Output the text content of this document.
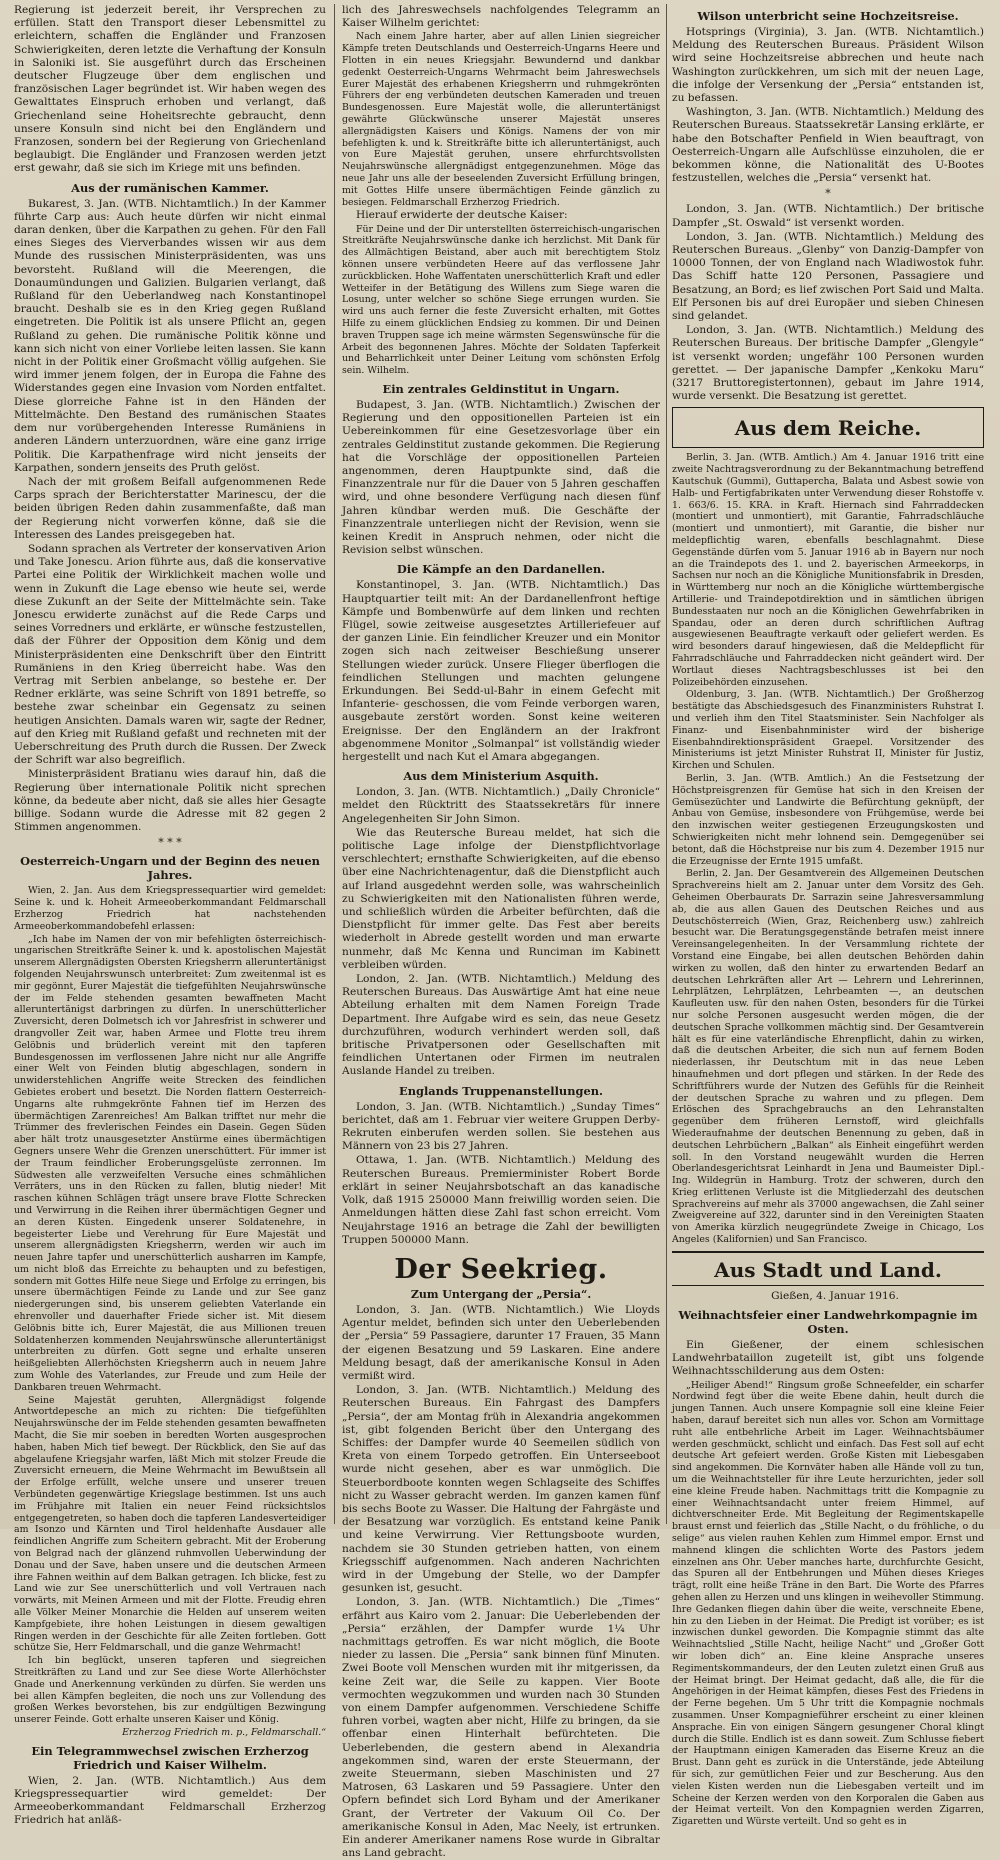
Regierung ist jederzeit bereit, ihr Versprechen zu erfüllen. Statt den Transport dieser Lebensmittel zu erleichtern, schaffen die Engländer und Franzosen Schwierigkeiten, deren letzte die Verhaftung der Konsuln in Saloniki ist. Sie ausgeführt durch das Erscheinen deutscher Flugzeuge über dem englischen und französischen Lager begründet ist. Wir haben wegen des Gewalttates Einspruch erhoben und verlangt, daß Griechenland seine Hoheitsrechte gebraucht, denn unsere Konsuln sind nicht bei den Engländern und Franzosen, sondern bei der Regierung von Griechenland beglaubigt. Die Engländer und Franzosen werden jetzt erst gewahr, daß sie sich im Kriege mit uns befinden.

Aus der rumänischen Kammer.

Bukarest, 3. Jan. (WTB. Nichtamtlich.) In der Kammer führte Carp aus: Auch heute dürfen wir nicht einmal daran denken, über die Karpathen zu gehen. Für den Fall eines Sieges des Vierverbandes wissen wir aus dem Munde des russischen Ministerpräsidenten, was uns bevorsteht. Rußland will die Meerengen, die Donaumündungen und Galizien. Bulgarien verlangt, daß Rußland für den Ueberlandweg nach Konstantinopel braucht. Deshalb sie es in den Krieg gegen Rußland eingetreten. Die Politik ist als unsere Pflicht an, gegen Rußland zu gehen. Die rumänische Politik könne und kann sich nicht von einer Vorliebe leiten lassen. Sie kann nicht in der Politik einer Großmacht völlig aufgehen. Sie wird immer jenem folgen, der in Europa die Fahne des Widerstandes gegen eine Invasion vom Norden entfaltet. Diese glorreiche Fahne ist in den Händen der Mittelmächte. Den Bestand des rumänischen Staates dem nur vorübergehenden Interesse Rumäniens in anderen Ländern unterzuordnen, wäre eine ganz irrige Politik. Die Karpathenfrage wird nicht jenseits der Karpathen, sondern jenseits des Pruth gelöst.

Nach der mit großem Beifall aufgenommenen Rede Carps sprach der Berichterstatter Marinescu, der die beiden übrigen Reden dahin zusammenfaßte, daß man der Regierung nicht vorwerfen könne, daß sie die Interessen des Landes preisgegeben hat.

Sodann sprachen als Vertreter der konservativen Arion und Take Jonescu. Arion führte aus, daß die konservative Partei eine Politik der Wirklichkeit machen wolle und wenn in Zukunft die Lage ebenso wie heute sei, werde diese Zukunft an der Seite der Mittelmächte sein. Take Jonescu erwiderte zunächst auf die Rede Carps und seines Vorredners und erklärte, er wünsche festzustellen, daß der Führer der Opposition dem König und dem Ministerpräsidenten eine Denkschrift über den Eintritt Rumäniens in den Krieg überreicht habe. Was den Vertrag mit Serbien anbelange, so bestehe er. Der Redner erklärte, was seine Schrift von 1891 betreffe, so bestehe zwar scheinbar ein Gegensatz zu seinen heutigen Ansichten. Damals waren wir, sagte der Redner, auf den Krieg mit Rußland gefaßt und rechneten mit der Ueberschreitung des Pruth durch die Russen. Der Zweck der Schrift war also begreiflich.

Ministerpräsident Bratianu wies darauf hin, daß die Regierung über internationale Politik nicht sprechen könne, da bedeute aber nicht, daß sie alles hier Gesagte billige. Sodann wurde die Adresse mit 82 gegen 2 Stimmen angenommen.

* * *
Oesterreich-Ungarn und der Beginn des neuen Jahres.

Wien, 2. Jan. Aus dem Kriegspressequartier wird gemeldet: Seine k. und k. Hoheit Armeeoberkommandant Feldmarschall Erzherzog Friedrich hat nachstehenden Armeeoberkommandobefehl erlassen:

„Ich habe im Namen der von mir befehligten österreichisch-ungarischen Streitkräfte Seiner k. und k. apostolischen Majestät unserem Allergnädigsten Obersten Kriegsherrn alleruntertänigst folgenden Neujahrswunsch unterbreitet: Zum zweitenmal ist es mir gegönnt, Eurer Majestät die tiefgefühlten Neujahrswünsche der im Felde stehenden gesamten bewaffneten Macht alleruntertänigst darbringen zu dürfen. In unerschütterlicher Zuversicht, deren Dolmetsch ich vor Jahresfrist in schwerer und drangvoller Zeit war, haben Armee und Flotte treu ihrem Gelöbnis und brüderlich vereint mit den tapferen Bundesgenossen im verflossenen Jahre nicht nur alle Angriffe einer Welt von Feinden blutig abgeschlagen, sondern in unwiderstehlichen Angriffe weite Strecken des feindlichen Gebietes erobert und besetzt. Die Norden flattern Oesterreich-Ungarns alte ruhmgekrönte Fahnen tief im Herzen des übermächtigen Zarenreiches! Am Balkan trifftet nur mehr die Trümmer des frevlerischen Feindes ein Dasein. Gegen Süden aber hält trotz unausgesetzter Anstürme eines übermächtigen Gegners unsere Wehr die Grenzen unerschüttert. Für immer ist der Traum feindlicher Eroberungsgelüste zerronnen. Im Südwesten alle verzweifelten Versuche eines schmählichen Verräters, uns in den Rücken zu fallen, blutig nieder! Mit raschen kühnen Schlägen trägt unsere brave Flotte Schrecken und Verwirrung in die Reihen ihrer übermächtigen Gegner und an deren Küsten. Eingedenk unserer Soldatenehre, in begeisterter Liebe und Verehrung für Eure Majestät und unserem allergnädigsten Kriegsherrn, werden wir auch im neuen Jahre tapfer und unerschütterlich ausharren im Kampfe, um nicht bloß das Erreichte zu behaupten und zu befestigen, sondern mit Gottes Hilfe neue Siege und Erfolge zu erringen, bis unsere übermächtigen Feinde zu Lande und zur See ganz niedergerungen sind, bis unserem geliebten Vaterlande ein ehrenvoller und dauerhafter Friede sicher ist. Mit diesem Gelöbnis bitte ich, Eurer Majestät, die aus Millionen treuen Soldatenherzen kommenden Neujahrswünsche alleruntertänigst unterbreiten zu dürfen. Gott segne und erhalte unseren heißgeliebten Allerhöchsten Kriegsherrn auch in neuem Jahre zum Wohle des Vaterlandes, zur Freude und zum Heile der Dankbaren treuen Wehrmacht.

Seine Majestät geruhten, Allergnädigst folgende Antwortdepesche an mich zu richten: Die tiefgefühlten Neujahrswünsche der im Felde stehenden gesamten bewaffneten Macht, die Sie mir soeben in beredten Worten ausgesprochen haben, haben Mich tief bewegt. Der Rückblick, den Sie auf das abgelaufene Kriegsjahr warfen, läßt Mich mit stolzer Freude die Zuversicht erneuern, die Meine Wehrmacht im Bewußtsein all der Erfolge erfüllt, welche unsere und unserer treuen Verbündeten gegenwärtige Kriegslage bestimmen. Ist uns auch im Frühjahre mit Italien ein neuer Feind rücksichtslos entgegengetreten, so haben doch die tapferen Landesverteidiger am Isonzo und Kärnten und Tirol heldenhafte Ausdauer alle feindlichen Angriffe zum Scheitern gebracht. Mit der Eroberung von Belgrad nach der glänzend ruhmvollen Ueberwindung der Donau und der Save, haben unsere und die deutschen Armeen ihre Fahnen weithin auf dem Balkan getragen. Ich blicke, fest zu Land wie zur See unerschütterlich und voll Vertrauen nach vorwärts, mit Meinen Armeen und mit der Flotte. Freudig ehren alle Völker Meiner Monarchie die Helden auf unserem weiten Kampfgebiete, ihre hohen Leistungen in diesem gewaltigen Ringen werden in der Geschichte für alle Zeiten fortleben. Gott schütze Sie, Herr Feldmarschall, und die ganze Wehrmacht!

Ich bin beglückt, unseren tapferen und siegreichen Streitkräften zu Land und zur See diese Worte Allerhöchster Gnade und Anerkennung verkünden zu dürfen. Sie werden uns bei allen Kämpfen begleiten, die noch uns zur Vollendung des großen Werkes bevorstehen, bis zur endgültigen Bezwingung unserer Feinde. Gott erhalte unseren Kaiser und König.

Erzherzog Friedrich m. p., Feldmarschall.“

Ein Telegrammwechsel zwischen Erzherzog Friedrich und Kaiser Wilhelm.

Wien, 2. Jan. (WTB. Nichtamtlich.) Aus dem Kriegspressequartier wird gemeldet: Der Armeeoberkommandant Feldmarschall Erzherzog Friedrich hat anläß-

lich des Jahreswechsels nachfolgendes Telegramm an Kaiser Wilhelm gerichtet:

Nach einem Jahre harter, aber auf allen Linien siegreicher Kämpfe treten Deutschlands und Oesterreich-Ungarns Heere und Flotten in ein neues Kriegsjahr. Bewundernd und dankbar gedenkt Oesterreich-Ungarns Wehrmacht beim Jahreswechsels Eurer Majestät des erhabenen Kriegsherrn und ruhmgekrönten Führers der eng verbündeten deutschen Kameraden und treuen Bundesgenossen. Eure Majestät wolle, die alleruntertänigst gewährte Glückwünsche unserer Majestät unseres allergnädigsten Kaisers und Königs. Namens der von mir befehligten k. und k. Streitkräfte bitte ich alleruntertänigst, auch von Eure Majestät geruhen, unsere ehrfurchtsvollsten Neujahrswünsche allergnädigst entgegenzunehmen. Möge das neue Jahr uns alle der beseelenden Zuversicht Erfüllung bringen, mit Gottes Hilfe unsere übermächtigen Feinde gänzlich zu besiegen. Feldmarschall Erzherzog Friedrich.

Hierauf erwiderte der deutsche Kaiser:

Für Deine und der Dir unterstellten österreichisch-ungarischen Streitkräfte Neujahrswünsche danke ich herzlichst. Mit Dank für des Allmächtigen Beistand, aber auch mit berechtigtem Stolz können unsere verbündeten Heere auf das verflossene Jahr zurückblicken. Hohe Waffentaten unerschütterlich Kraft und edler Wetteifer in der Betätigung des Willens zum Siege waren die Losung, unter welcher so schöne Siege errungen wurden. Sie wird uns auch ferner die feste Zuversicht erhalten, mit Gottes Hilfe zu einem glücklichen Endsieg zu kommen. Dir und Deinen braven Truppen sage ich meine wärmsten Segenswünsche für die Arbeit des begonnenen Jahres. Möchte der Soldaten Tapferkeit und Beharrlichkeit unter Deiner Leitung vom schönsten Erfolg sein. Wilhelm.

Ein zentrales Geldinstitut in Ungarn.

Budapest, 3. Jan. (WTB. Nichtamtlich.) Zwischen der Regierung und den oppositionellen Parteien ist ein Uebereinkommen für eine Gesetzesvorlage über ein zentrales Geldinstitut zustande gekommen. Die Regierung hat die Vorschläge der oppositionellen Parteien angenommen, deren Hauptpunkte sind, daß die Finanzzentrale nur für die Dauer von 5 Jahren geschaffen wird, und ohne besondere Verfügung nach diesen fünf Jahren kündbar werden muß. Die Geschäfte der Finanzzentrale unterliegen nicht der Revision, wenn sie keinen Kredit in Anspruch nehmen, oder nicht die Revision selbst wünschen.

Die Kämpfe an den Dardanellen.

Konstantinopel, 3. Jan. (WTB. Nichtamtlich.) Das Hauptquartier teilt mit: An der Dardanellenfront heftige Kämpfe und Bombenwürfe auf dem linken und rechten Flügel, sowie zeitweise ausgesetztes Artilleriefeuer auf der ganzen Linie. Ein feindlicher Kreuzer und ein Monitor zogen sich nach zeitweiser Beschießung unserer Stellungen wieder zurück. Unsere Flieger überflogen die feindlichen Stellungen und machten gelungene Erkundungen. Bei Sedd-ul-Bahr in einem Gefecht mit Infanterie- geschossen, die vom Feinde verborgen waren, ausgebaute zerstört worden. Sonst keine weiteren Ereignisse. Der den Engländern an der Irakfront abgenommene Monitor „Solmanpal“ ist vollständig wieder hergestellt und nach Kut el Amara abgegangen.

Aus dem Ministerium Asquith.

London, 3. Jan. (WTB. Nichtamtlich.) „Daily Chronicle“ meldet den Rücktritt des Staatssekretärs für innere Angelegenheiten Sir John Simon.

Wie das Reutersche Bureau meldet, hat sich die politische Lage infolge der Dienstpflichtvorlage verschlechtert; ernsthafte Schwierigkeiten, auf die ebenso über eine Nachrichtenagentur, daß die Dienstpflicht auch auf Irland ausgedehnt werden solle, was wahrscheinlich zu Schwierigkeiten mit den Nationalisten führen werde, und schließlich würden die Arbeiter befürchten, daß die Dienstpflicht für immer gelte. Das Fest aber bereits wiederholt in Abrede gestellt worden und man erwarte nunmehr, daß Mc Kenna und Runciman im Kabinett verbleiben würden.

London, 2. Jan. (WTB. Nichtamtlich.) Meldung des Reuterschen Bureaus. Das Auswärtige Amt hat eine neue Abteilung erhalten mit dem Namen Foreign Trade Department. Ihre Aufgabe wird es sein, das neue Gesetz durchzuführen, wodurch verhindert werden soll, daß britische Privatpersonen oder Gesellschaften mit feindlichen Untertanen oder Firmen im neutralen Auslande Handel zu treiben.

Englands Truppenanstellungen.

London, 3. Jan. (WTB. Nichtamtlich.) „Sunday Times“ berichtet, daß am 1. Februar vier weitere Gruppen Derby-Rekruten einberufen werden sollen. Sie bestehen aus Männern von 23 bis 27 Jahren.

Ottawa, 1. Jan. (WTB. Nichtamtlich.) Meldung des Reuterschen Bureaus. Premierminister Robert Borde erklärt in seiner Neujahrsbotschaft an das kanadische Volk, daß 1915 250000 Mann freiwillig worden seien. Die Anmeldungen hätten diese Zahl fast schon erreicht. Vom Neujahrstage 1916 an betrage die Zahl der bewilligten Truppen 500000 Mann.

Der Seekrieg.
Zum Untergang der „Persia“.

London, 3. Jan. (WTB. Nichtamtlich.) Wie Lloyds Agentur meldet, befinden sich unter den Ueberlebenden der „Persia“ 59 Passagiere, darunter 17 Frauen, 35 Mann der eigenen Besatzung und 59 Laskaren. Eine andere Meldung besagt, daß der amerikanische Konsul in Aden vermißt wird.

London, 3. Jan. (WTB. Nichtamtlich.) Meldung des Reuterschen Bureaus. Ein Fahrgast des Dampfers „Persia“, der am Montag früh in Alexandria angekommen ist, gibt folgenden Bericht über den Untergang des Schiffes: der Dampfer wurde 40 Seemeilen südlich von Kreta von einem Torpedo getroffen. Ein Unterseeboot wurde nicht gesehen, aber es war unmöglich. Die Steuerbordboote konnten wegen Schlagseite des Schiffes nicht zu Wasser gebracht werden. Im ganzen kamen fünf bis sechs Boote zu Wasser. Die Haltung der Fahrgäste und der Besatzung war vorzüglich. Es entstand keine Panik und keine Verwirrung. Vier Rettungsboote wurden, nachdem sie 30 Stunden getrieben hatten, von einem Kriegsschiff aufgenommen. Nach anderen Nachrichten wird in der Umgebung der Stelle, wo der Dampfer gesunken ist, gesucht.

London, 3. Jan. (WTB. Nichtamtlich.) Die „Times“ erfährt aus Kairo vom 2. Januar: Die Ueberlebenden der „Persia“ erzählen, der Dampfer wurde 1¼ Uhr nachmittags getroffen. Es war nicht möglich, die Boote nieder zu lassen. Die „Persia“ sank binnen fünf Minuten. Zwei Boote voll Menschen wurden mit ihr mitgerissen, da keine Zeit war, die Seile zu kappen. Vier Boote vermochten wegzukommen und wurden nach 30 Stunden von einem Dampfer aufgenommen. Verschiedene Schiffe fuhren vorbei, wagten aber nicht, Hilfe zu bringen, da sie offenbar einen Hinterhalt befürchteten. Die Ueberlebenden, die gestern abend in Alexandria angekommen sind, waren der erste Steuermann, der zweite Steuermann, sieben Maschinisten und 27 Matrosen, 63 Laskaren und 59 Passagiere. Unter den Opfern befindet sich Lord Byham und der Amerikaner Grant, der Vertreter der Vakuum Oil Co. Der amerikanische Konsul in Aden, Mac Neely, ist ertrunken. Ein anderer Amerikaner namens Rose wurde in Gibraltar ans Land gebracht.

Wilson unterbricht seine Hochzeitsreise.

Hotsprings (Virginia), 3. Jan. (WTB. Nichtamtlich.) Meldung des Reuterschen Bureaus. Präsident Wilson wird seine Hochzeitsreise abbrechen und heute nach Washington zurückkehren, um sich mit der neuen Lage, die infolge der Versenkung der „Persia“ entstanden ist, zu befassen.

Washington, 3. Jan. (WTB. Nichtamtlich.) Meldung des Reuterschen Bureaus. Staatssekretär Lansing erklärte, er habe den Botschafter Penfield in Wien beauftragt, von Oesterreich-Ungarn alle Aufschlüsse einzuholen, die er bekommen könne, die Nationalität des U-Bootes festzustellen, welches die „Persia“ versenkt hat.

*

London, 3. Jan. (WTB. Nichtamtlich.) Der britische Dampfer „St. Oswald“ ist versenkt worden.

London, 3. Jan. (WTB. Nichtamtlich.) Meldung des Reuterschen Bureaus. „Glenby“ von Danzig-Dampfer von 10000 Tonnen, der von England nach Wladiwostok fuhr. Das Schiff hatte 120 Personen, Passagiere und Besatzung, an Bord; es lief zwischen Port Said und Malta. Elf Personen bis auf drei Europäer und sieben Chinesen sind gelandet.

London, 3. Jan. (WTB. Nichtamtlich.) Meldung des Reuterschen Bureaus. Der britische Dampfer „Glengyle“ ist versenkt worden; ungefähr 100 Personen wurden gerettet. — Der japanische Dampfer „Kenkoku Maru“ (3217 Bruttoregistertonnen), gebaut im Jahre 1914, wurde versenkt. Die Besatzung ist gerettet.

Aus dem Reiche.

Berlin, 3. Jan. (WTB. Amtlich.) Am 4. Januar 1916 tritt eine zweite Nachtragsverordnung zu der Bekanntmachung betreffend Kautschuk (Gummi), Guttapercha, Balata und Asbest sowie von Halb- und Fertigfabrikaten unter Verwendung dieser Rohstoffe v. 1. 663/6. 15. KRA. in Kraft. Hiernach sind Fahrraddecken (montiert und unmontiert), mit Garantie, Fahrradschläuche (montiert und unmontiert), mit Garantie, die bisher nur meldepflichtig waren, ebenfalls beschlagnahmt. Diese Gegenstände dürfen vom 5. Januar 1916 ab in Bayern nur noch an die Traindepots des 1. und 2. bayerischen Armeekorps, in Sachsen nur noch an die Königliche Munitionsfabrik in Dresden, in Württemberg nur noch an die Königliche württembergische Artillerie- und Traindepotdirektion und in sämtlichen übrigen Bundesstaaten nur noch an die Königlichen Gewehrfabriken in Spandau, oder an deren durch schriftlichen Auftrag ausgewiesenen Beauftragte verkauft oder geliefert werden. Es wird besonders darauf hingewiesen, daß die Meldepflicht für Fahrradschläuche und Fahrraddecken nicht geändert wird. Der Wortlaut dieses Nachtragsbeschlusses ist bei den Polizeibehörden einzusehen.

Oldenburg, 3. Jan. (WTB. Nichtamtlich.) Der Großherzog bestätigte das Abschiedsgesuch des Finanzministers Ruhstrat I. und verlieh ihm den Titel Staatsminister. Sein Nachfolger als Finanz- und Eisenbahnminister wird der bisherige Eisenbahndirektionspräsident Graepel. Vorsitzender des Ministeriums ist jetzt Minister Ruhstrat II, Minister für Justiz, Kirchen und Schulen.

Berlin, 3. Jan. (WTB. Amtlich.) An die Festsetzung der Höchstpreisgrenzen für Gemüse hat sich in den Kreisen der Gemüsezüchter und Landwirte die Befürchtung geknüpft, der Anbau von Gemüse, insbesondere von Frühgemüse, werde bei den inzwischen weiter gestiegenen Erzeugungskosten und Schwierigkeiten nicht mehr lohnend sein. Demgegenüber sei betont, daß die Höchstpreise nur bis zum 4. Dezember 1915 nur die Erzeugnisse der Ernte 1915 umfaßt.

Berlin, 2. Jan. Der Gesamtverein des Allgemeinen Deutschen Sprachvereins hielt am 2. Januar unter dem Vorsitz des Geh. Geheimen Oberbaurats Dr. Sarrazin seine Jahresversammlung ab, die aus allen Gauen des Deutschen Reiches und aus Deutschösterreich (Wien, Graz, Reichenberg usw.) zahlreich besucht war. Die Beratungsgegenstände betrafen meist innere Vereinsangelegenheiten. In der Versammlung richtete der Vorstand eine Eingabe, bei allen deutschen Behörden dahin wirken zu wollen, daß den hinter zu erwartenden Bedarf an deutschen Lehrkräften aller Art — Lehrern und Lehrerinnen, Lehrplätzen, Lehrplätzen, Lehrbeamten —, an deutschen Kaufleuten usw. für den nahen Osten, besonders für die Türkei nur solche Personen ausgesucht werden mögen, die der deutschen Sprache vollkommen mächtig sind. Der Gesamtverein hält es für eine vaterländische Ehrenpflicht, dahin zu wirken, daß die deutschen Arbeiter, die sich nun auf fernem Boden niederlassen, ihr Deutschtum mit in das neue Leben hinaufnehmen und dort pflegen und stärken. In der Rede des Schriftführers wurde der Nutzen des Gefühls für die Reinheit der deutschen Sprache zu wahren und zu pflegen. Dem Erlöschen des Sprachgebrauchs an den Lehranstalten gegenüber dem früheren Lernstoff, wird gleichfalls Wiederaufnahme der deutschen Benennung zu geben, daß in deutschen Lehrbüchern „Balkan“ als Einheit eingeführt werden soll. In den Vorstand neugewählt wurden die Herren Oberlandesgerichtsrat Leinhardt in Jena und Baumeister Dipl.-Ing. Wildegrün in Hamburg. Trotz der schweren, durch den Krieg erlittenen Verluste ist die Mitgliederzahl des deutschen Sprachvereins auf mehr als 37000 angewachsen, die Zahl seiner Zweigvereine auf 322, darunter sind in den Vereinigten Staaten von Amerika kürzlich neugegründete Zweige in Chicago, Los Angeles (Kalifornien) und San Francisco.

Aus Stadt und Land.

Gießen, 4. Januar 1916.

Weihnachtsfeier einer Landwehrkompagnie im Osten.

Ein Gießener, der einem schlesischen Landwehrbataillon zugeteilt ist, gibt uns folgende Weihnachtsschilderung aus dem Osten:

„Heiliger Abend!“ Ringsum große Schneefelder, ein scharfer Nordwind fegt über die weite Ebene dahin, heult durch die jungen Tannen. Auch unsere Kompagnie soll eine kleine Feier haben, darauf bereitet sich nun alles vor. Schon am Vormittage ruht alle entbehrliche Arbeit im Lager. Weihnachtsbäumer werden geschmückt, schlicht und einfach. Das Fest soll auf echt deutsche Art gefeiert werden. Große Kisten mit Liebesgaben sind angekommen. Die Kornväter haben alle Hände voll zu tun, um die Weihnachtsteller für ihre Leute herzurichten, jeder soll eine kleine Freude haben. Nachmittags tritt die Kompagnie zu einer Weihnachtsandacht unter freiem Himmel, auf dichtverschneiter Erde. Mit Begleitung der Regimentskapelle braust ernst und feierlich das „Stille Nacht, o du fröhliche, o du selige“ aus vielen rauhen Kehlen zum Himmel empor. Ernst und mahnend klingen die schlichten Worte des Pastors jedem einzelnen ans Ohr. Ueber manches harte, durchfurchte Gesicht, das Spuren all der Entbehrungen und Mühen dieses Krieges trägt, rollt eine heiße Träne in den Bart. Die Worte des Pfarres gehen allen zu Herzen und uns klingen in weihevoller Stimmung. Ihre Gedanken fliegen dahin über die weite, verschneite Ebene, hin zu den Lieben in der Heimat. Die Predigt ist vorüber; es ist inzwischen dunkel geworden. Die Kompagnie stimmt das alte Weihnachtslied „Stille Nacht, heilige Nacht“ und „Großer Gott wir loben dich“ an. Eine kleine Ansprache unseres Regimentskommandeurs, der den Leuten zuletzt einen Gruß aus der Heimat bringt. Der Heimat gedacht, daß alle, die für die Angehörigen in der Heimat kämpfen, dieses Fest des Friedens in der Ferne begehen. Um 5 Uhr tritt die Kompagnie nochmals zusammen. Unser Kompagnieführer erscheint zu einer kleinen Ansprache. Ein von einigen Sängern gesungener Choral klingt durch die Stille. Endlich ist es dann soweit. Zum Schlusse fiebert der Hauptmann einigen Kameraden das Eiserne Kreuz an die Brust. Dann geht es zurück in die Unterstände, jede Abteilung für sich, zur gemütlichen Feier und zur Bescherung. Aus den vielen Kisten werden nun die Liebesgaben verteilt und im Scheine der Kerzen werden von den Korporalen die Gaben aus der Heimat verteilt. Von den Kompagnien werden Zigarren, Zigaretten und Würste verteilt. Und so geht es in
